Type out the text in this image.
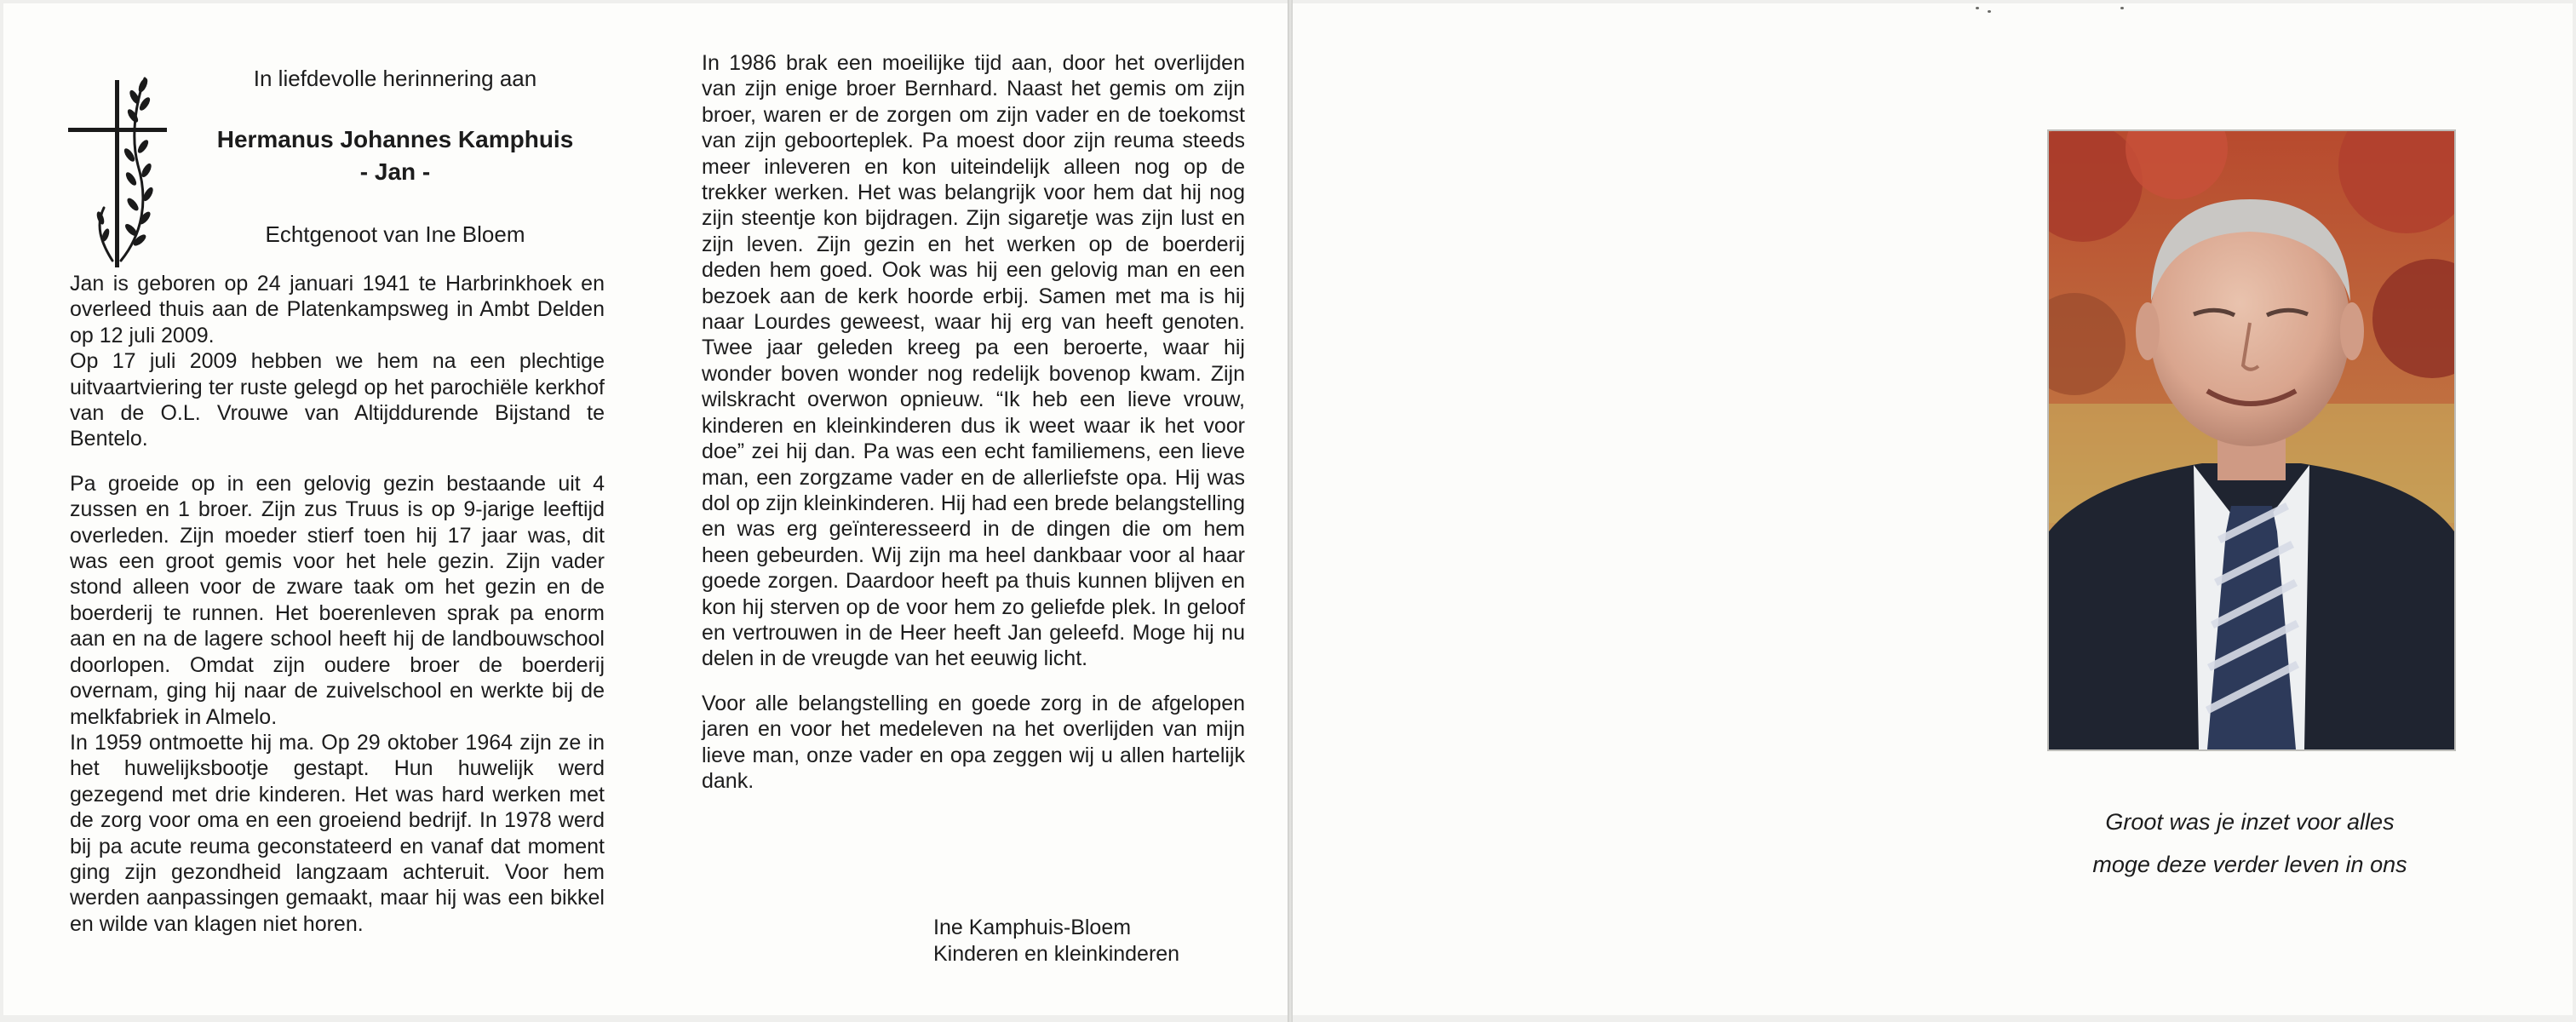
In liefdevolle herinnering aan

Hermanus Johannes Kamphuis

- Jan -

Echtgenoot van Ine Bloem

Jan is geboren op 24 januari 1941 te Harbrinkhoek en overleed thuis aan de Platenkampsweg in Ambt Delden op 12 juli 2009.

Op 17 juli 2009 hebben we hem na een plechtige uitvaartviering ter ruste gelegd op het parochiële kerkhof van de O.L. Vrouwe van Altijddurende Bijstand te Bentelo.

Pa groeide op in een gelovig gezin bestaande uit 4 zussen en 1 broer. Zijn zus Truus is op 9-jarige leeftijd overleden. Zijn moeder stierf toen hij 17 jaar was, dit was een groot gemis voor het hele gezin. Zijn vader stond alleen voor de zware taak om het gezin en de boerderij te runnen. Het boerenleven sprak pa enorm aan en na de lagere school heeft hij de landbouwschool doorlopen. Omdat zijn oudere broer de boerderij overnam, ging hij naar de zuivelschool en werkte bij de melkfabriek in Almelo.

In 1959 ontmoette hij ma. Op 29 oktober 1964 zijn ze in het huwelijksbootje gestapt. Hun huwelijk werd gezegend met drie kinderen. Het was hard werken met de zorg voor oma en een groeiend bedrijf. In 1978 werd bij pa acute reuma geconstateerd en vanaf dat moment ging zijn gezondheid langzaam achteruit. Voor hem werden aanpassingen gemaakt, maar hij was een bikkel en wilde van klagen niet horen.

In 1986 brak een moeilijke tijd aan, door het overlijden van zijn enige broer Bernhard. Naast het gemis om zijn broer, waren er de zorgen om zijn vader en de toekomst van zijn geboorteplek. Pa moest door zijn reuma steeds meer inleveren en kon uiteindelijk alleen nog op de trekker werken. Het was belangrijk voor hem dat hij nog zijn steentje kon bijdragen. Zijn sigaretje was zijn lust en zijn leven. Zijn gezin en het werken op de boerderij deden hem goed. Ook was hij een gelovig man en een bezoek aan de kerk hoorde erbij. Samen met ma is hij naar Lourdes geweest, waar hij erg van heeft genoten. Twee jaar geleden kreeg pa een beroerte, waar hij wonder boven wonder nog redelijk bovenop kwam. Zijn wilskracht overwon opnieuw. “Ik heb een lieve vrouw, kinderen en kleinkinderen dus ik weet waar ik het voor doe” zei hij dan. Pa was een echt familiemens, een lieve man, een zorgzame vader en de allerliefste opa. Hij was dol op zijn kleinkinderen. Hij had een brede belangstelling en was erg geïnteresseerd in de dingen die om hem heen gebeurden. Wij zijn ma heel dankbaar voor al haar goede zorgen. Daardoor heeft pa thuis kunnen blijven en kon hij sterven op de voor hem zo geliefde plek. In geloof en vertrouwen in de Heer heeft Jan geleefd. Moge hij nu delen in de vreugde van het eeuwig licht.

Voor alle belangstelling en goede zorg in de afgelopen jaren en voor het medeleven na het overlijden van mijn lieve man, onze vader en opa zeggen wij u allen hartelijk dank.

Ine Kamphuis-Bloem

Kinderen en kleinkinderen

Groot was je inzet voor alles

moge deze verder leven in ons
